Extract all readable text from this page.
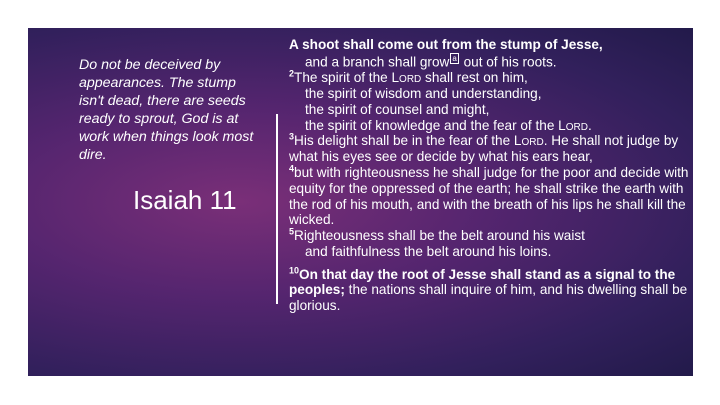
Do not be deceived by appearances. The stump isn't dead, there are seeds ready to sprout, God is at work when things look most dire.
Isaiah 11

A shoot shall come out from the stump of Jesse,

and a branch shall grow a out of his roots.

$^2$The spirit of the Lord shall rest on him,

the spirit of wisdom and understanding,

the spirit of counsel and might,

the spirit of knowledge and the fear of the Lord.

$^3$His delight shall be in the fear of the Lord. He shall not judge by what his eyes see or decide by what his ears hear,

$^4$but with righteousness he shall judge for the poor and decide with equity for the oppressed of the earth; he shall strike the earth with the rod of his mouth, and with the breath of his lips he shall kill the wicked.

$^5$Righteousness shall be the belt around his waist

and faithfulness the belt around his loins.

$^{10}$On that day the root of Jesse shall stand as a signal to the peoples; the nations shall inquire of him, and his dwelling shall be glorious.
